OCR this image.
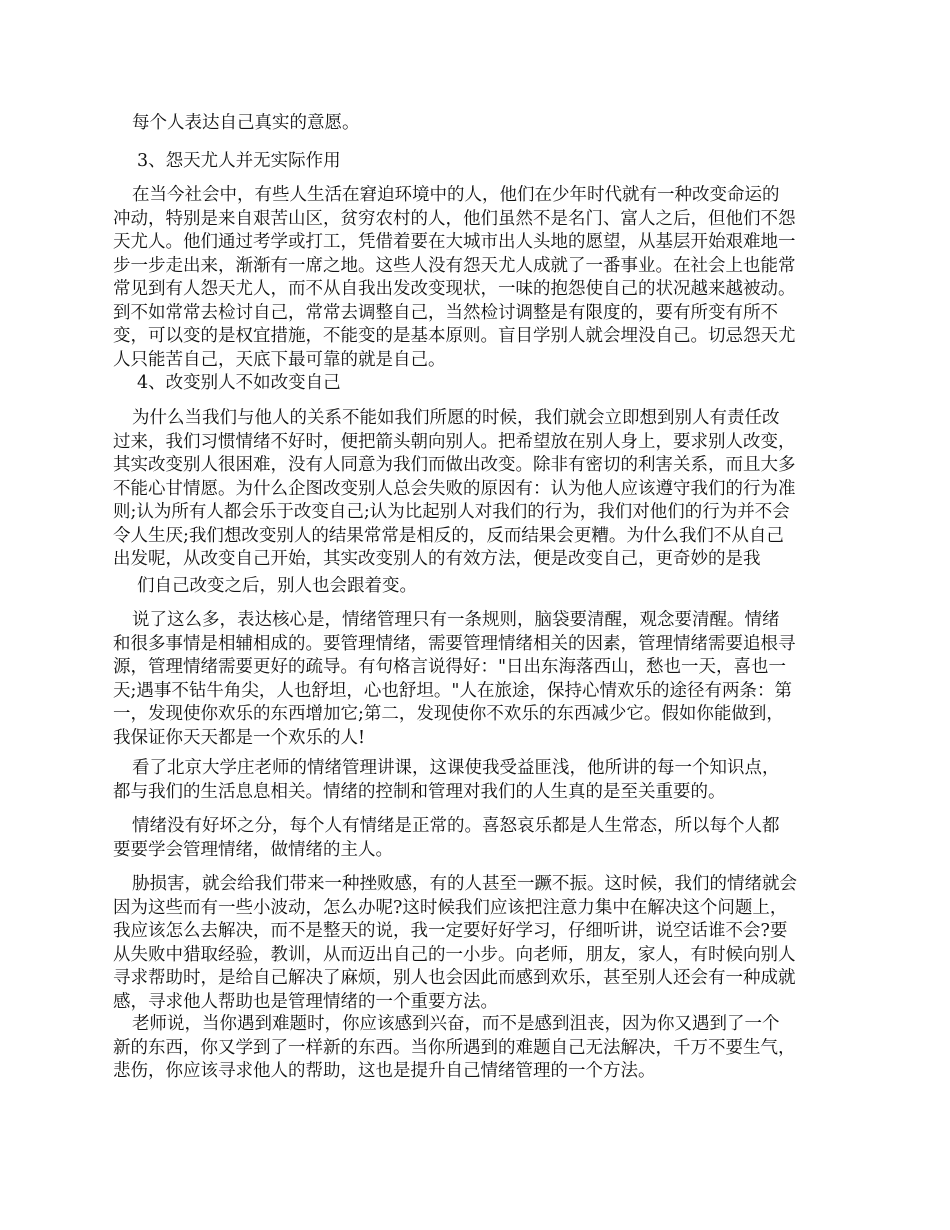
每个人表达自己真实的意愿。
3、怨天尤人并无实际作用
在当今社会中，有些人生活在窘迫环境中的人，他们在少年时代就有一种改变命运的
冲动，特别是来自艰苦山区，贫穷农村的人，他们虽然不是名门、富人之后，但他们不怨
天尤人。他们通过考学或打工，凭借着要在大城市出人头地的愿望，从基层开始艰难地一
步一步走出来，渐渐有一席之地。这些人没有怨天尤人成就了一番事业。在社会上也能常
常见到有人怨天尤人，而不从自我出发改变现状，一味的抱怨使自己的状况越来越被动。
到不如常常去检讨自己，常常去调整自己，当然检讨调整是有限度的，要有所变有所不
变，可以变的是权宜措施，不能变的是基本原则。盲目学别人就会埋没自己。切忌怨天尤
人只能苦自己，天底下最可靠的就是自己。
4、改变别人不如改变自己
为什么当我们与他人的关系不能如我们所愿的时候，我们就会立即想到别人有责任改
过来，我们习惯情绪不好时，便把箭头朝向别人。把希望放在别人身上，要求别人改变，
其实改变别人很困难，没有人同意为我们而做出改变。除非有密切的利害关系，而且大多
不能心甘情愿。为什么企图改变别人总会失败的原因有：认为他人应该遵守我们的行为准
则;认为所有人都会乐于改变自己;认为比起别人对我们的行为，我们对他们的行为并不会
令人生厌;我们想改变别人的结果常常是相反的，反而结果会更糟。为什么我们不从自己
出发呢，从改变自己开始，其实改变别人的有效方法，便是改变自己，更奇妙的是我
们自己改变之后，别人也会跟着变。
说了这么多，表达核心是，情绪管理只有一条规则，脑袋要清醒，观念要清醒。情绪
和很多事情是相辅相成的。要管理情绪，需要管理情绪相关的因素，管理情绪需要追根寻
源，管理情绪需要更好的疏导。有句格言说得好："日出东海落西山，愁也一天，喜也一
天;遇事不钻牛角尖，人也舒坦，心也舒坦。"人在旅途，保持心情欢乐的途径有两条：第
一，发现使你欢乐的东西增加它;第二，发现使你不欢乐的东西减少它。假如你能做到，
我保证你天天都是一个欢乐的人!
看了北京大学庄老师的情绪管理讲课，这课使我受益匪浅，他所讲的每一个知识点，
都与我们的生活息息相关。情绪的控制和管理对我们的人生真的是至关重要的。
情绪没有好坏之分，每个人有情绪是正常的。喜怒哀乐都是人生常态，所以每个人都
要要学会管理情绪，做情绪的主人。
胁损害，就会给我们带来一种挫败感，有的人甚至一蹶不振。这时候，我们的情绪就会
因为这些而有一些小波动，怎么办呢?这时候我们应该把注意力集中在解决这个问题上，
我应该怎么去解决，而不是整天的说，我一定要好好学习，仔细听讲，说空话谁不会?要
从失败中猎取经验，教训，从而迈出自己的一小步。向老师，朋友，家人，有时候向别人
寻求帮助时，是给自己解决了麻烦，别人也会因此而感到欢乐，甚至别人还会有一种成就
感，寻求他人帮助也是管理情绪的一个重要方法。
老师说，当你遇到难题时，你应该感到兴奋，而不是感到沮丧，因为你又遇到了一个
新的东西，你又学到了一样新的东西。当你所遇到的难题自己无法解决，千万不要生气，
悲伤，你应该寻求他人的帮助，这也是提升自己情绪管理的一个方法。
